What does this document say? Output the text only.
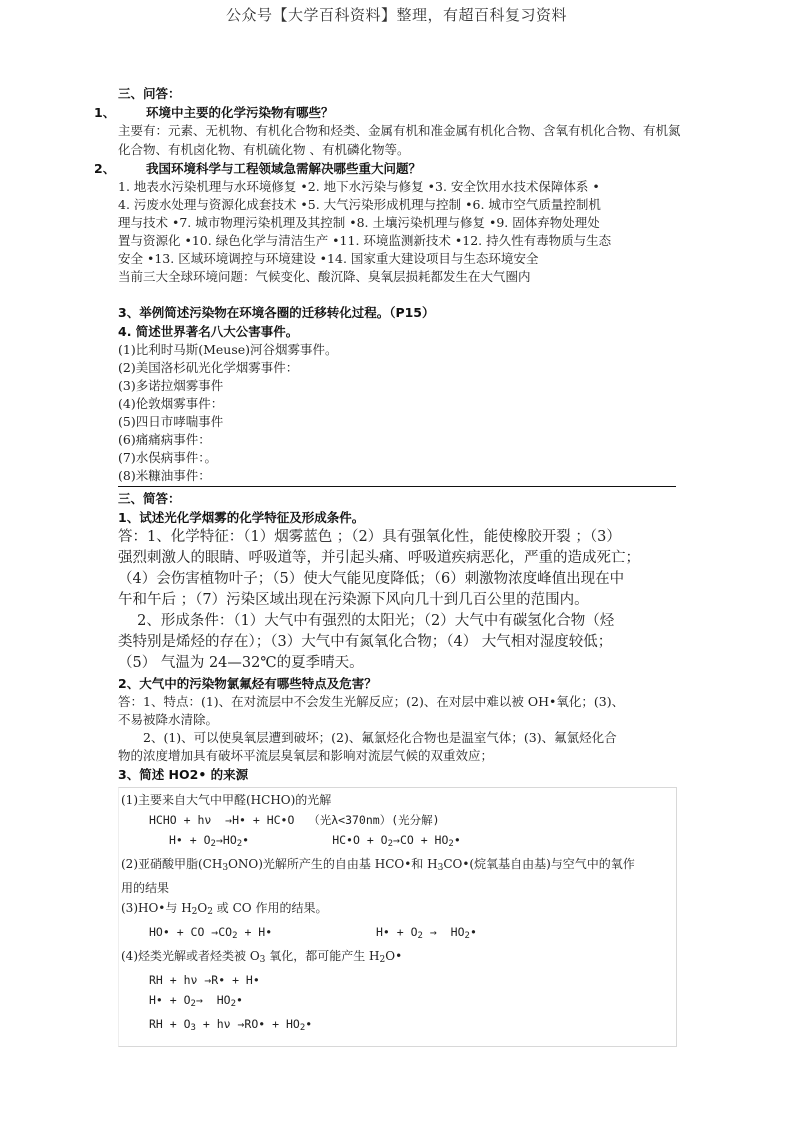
公众号【大学百科资料】整理，有超百科复习资料
三、问答：
1、 环境中主要的化学污染物有哪些？
主要有：元素、无机物、有机化合物和烃类、金属有机和准金属有机化合物、含氧有机化合物、有机氮化合物、有机卤化物、有机硫化物 、有机磷化物等。
2、 我国环境科学与工程领域急需解决哪些重大问题？
1. 地表水污染机理与水环境修复 •2. 地下水污染与修复 •3. 安全饮用水技术保障体系 •
4. 污废水处理与资源化成套技术 •5. 大气污染形成机理与控制 •6. 城市空气质量控制机
理与技术 •7. 城市物理污染机理及其控制 •8. 土壤污染机理与修复 •9. 固体弃物处理处
置与资源化 •10. 绿色化学与清洁生产 •11. 环境监测新技术 •12. 持久性有毒物质与生态
安全 •13. 区域环境调控与环境建设 •14. 国家重大建设项目与生态环境安全
当前三大全球环境问题：气候变化、酸沉降、臭氧层损耗都发生在大气圈内
3、举例简述污染物在环境各圈的迁移转化过程。（P15）
4. 简述世界著名八大公害事件。
(1)比利时马斯(Meuse)河谷烟雾事件。
(2)美国洛杉矶光化学烟雾事件：
(3)多诺拉烟雾事件
(4)伦敦烟雾事件：
(5)四日市哮喘事件
(6)痛痛病事件：
(7)水俣病事件：。
(8)米糠油事件：
三、简答：
1、试述光化学烟雾的化学特征及形成条件。
答：1、化学特征：（1）烟雾蓝色 ；（2）具有强氧化性，能使橡胶开裂 ；（3）
强烈刺激人的眼睛、呼吸道等，并引起头痛、呼吸道疾病恶化，严重的造成死亡；
（4）会伤害植物叶子；（5）使大气能见度降低；（6）刺激物浓度峰值出现在中
午和午后 ；（7）污染区域出现在污染源下风向几十到几百公里的范围内。
　 2、形成条件：（1）大气中有强烈的太阳光；（2）大气中有碳氢化合物（烃
类特别是烯烃的存在）；（3）大气中有氮氧化合物；（4） 大气相对湿度较低；
（5） 气温为 24—32℃的夏季晴天。
2、大气中的污染物氯氟烃有哪些特点及危害？
答：1、特点：(1)、在对流层中不会发生光解反应；(2)、在对层中难以被 OH•氧化；(3)、
不易被降水清除。
　　2、(1)、可以使臭氧层遭到破坏；(2)、氟氯烃化合物也是温室气体；(3)、氟氯烃化合
物的浓度增加具有破坏平流层臭氧层和影响对流层气候的双重效应；
3、简述 HO2• 的来源
(1)主要来自大气中甲醛(HCHO)的光解
HCHO + hν  →H• + HC•O  （光λ<370nm）(光分解)
H• + $O_2\to HO_2•$	HC•O + $O_2\to CO$ + $HO_2•$
(2)亚硝酸甲脂$(CH_3ONO)$光解所产生的自由基 HCO•和 $H_3CO•$(烷氧基自由基)与空气中的氧作
用的结果
(3)HO•与 $H_2O_2$ 或 CO 作用的结果。
HO• + CO $\to CO_2$ + H•	H• + $O_2$ →  $HO_2•$
(4)烃类光解或者烃类被 $O_3$ 氧化，都可能产生 $H_2O•$
RH + hν →R• + H•
H• + $O_2\to$  $HO_2•$
RH + $O_3 + h\nu$ →RO• + $HO_2•$
